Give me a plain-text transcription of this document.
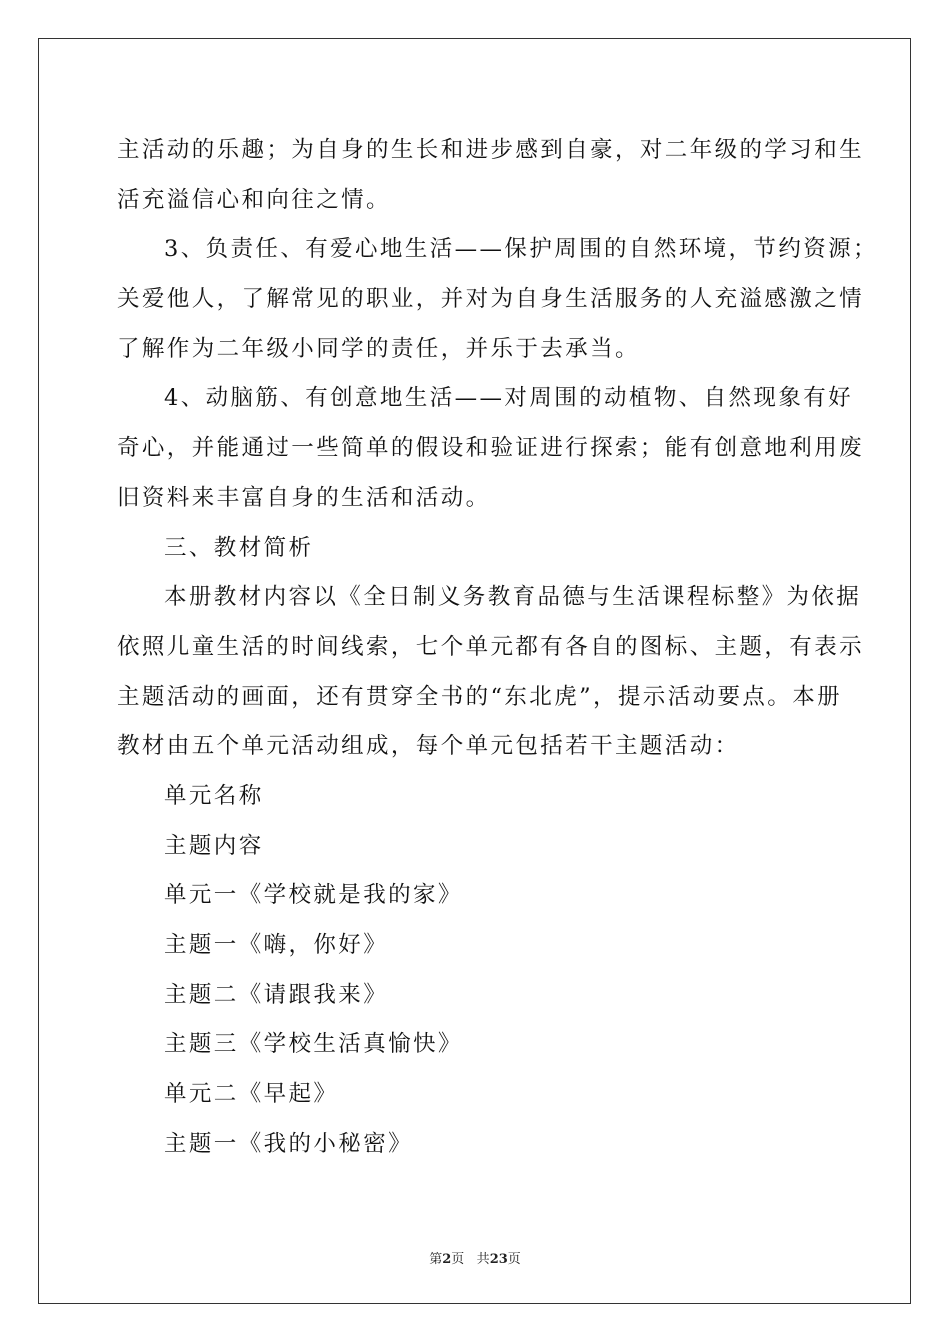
主活动的乐趣；为自身的生长和进步感到自豪，对二年级的学习和生
活充溢信心和向往之情。
3、负责任、有爱心地生活——保护周围的自然环境，节约资源；
关爱他人，了解常见的职业，并对为自身生活服务的人充溢感激之情
了解作为二年级小同学的责任，并乐于去承当。
4、动脑筋、有创意地生活——对周围的动植物、自然现象有好
奇心，并能通过一些简单的假设和验证进行探索；能有创意地利用废
旧资料来丰富自身的生活和活动。
三、教材简析
本册教材内容以《全日制义务教育品德与生活课程标整》为依据
依照儿童生活的时间线索，七个单元都有各自的图标、主题，有表示
主题活动的画面，还有贯穿全书的“东北虎”，提示活动要点。本册
教材由五个单元活动组成，每个单元包括若干主题活动：
单元名称
主题内容
单元一《学校就是我的家》
主题一《嗨，你好》
主题二《请跟我来》
主题三《学校生活真愉快》
单元二《早起》
主题一《我的小秘密》
第2页 共23页
